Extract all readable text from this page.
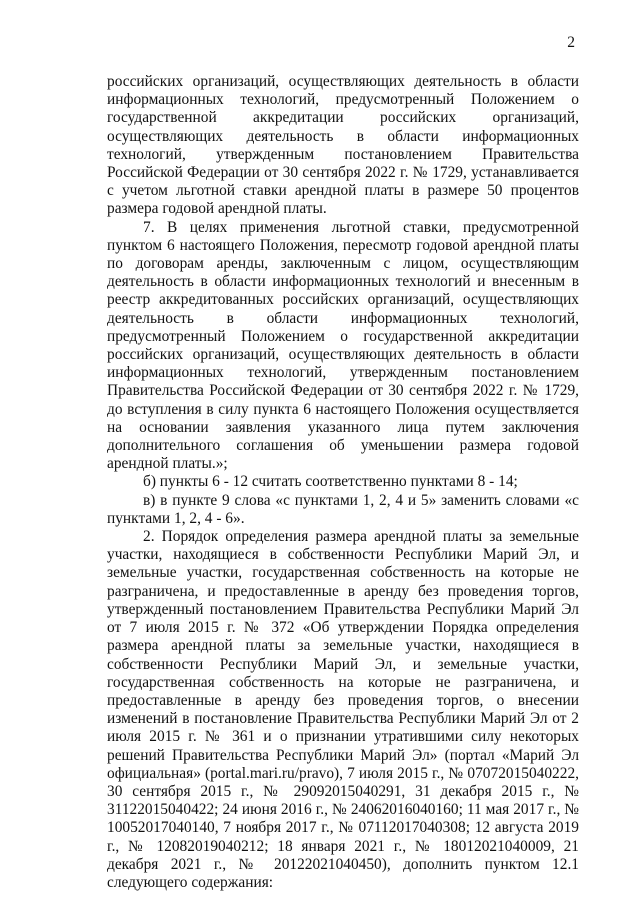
2

российских организаций, осуществляющих деятельность в области информационных технологий, предусмотренный Положением о государственной аккредитации российских организаций, осуществляющих деятельность в области информационных технологий, утвержденным постановлением Правительства Российской Федерации от 30 сентября 2022 г. № 1729, устанавливается с учетом льготной ставки арендной платы в размере 50 процентов размера годовой арендной платы.

7. В целях применения льготной ставки, предусмотренной пунктом 6 настоящего Положения, пересмотр годовой арендной платы по договорам аренды, заключенным с лицом, осуществляющим деятельность в области информационных технологий и внесенным в реестр аккредитованных российских организаций, осуществляющих деятельность в области информационных технологий, предусмотренный Положением о государственной аккредитации российских организаций, осуществляющих деятельность в области информационных технологий, утвержденным постановлением Правительства Российской Федерации от 30 сентября 2022 г. № 1729, до вступления в силу пункта 6 настоящего Положения осуществляется на основании заявления указанного лица путем заключения дополнительного соглашения об уменьшении размера годовой арендной платы.»;

б) пункты 6 - 12 считать соответственно пунктами 8 - 14;

в) в пункте 9 слова «с пунктами 1, 2, 4 и 5» заменить словами «с пунктами 1, 2, 4 - 6».

2. Порядок определения размера арендной платы за земельные участки, находящиеся в собственности Республики Марий Эл, и земельные участки, государственная собственность на которые не разграничена, и предоставленные в аренду без проведения торгов, утвержденный постановлением Правительства Республики Марий Эл от 7 июля 2015 г. № 372 «Об утверждении Порядка определения размера арендной платы за земельные участки, находящиеся в собственности Республики Марий Эл, и земельные участки, государственная собственность на которые не разграничена, и предоставленные в аренду без проведения торгов, о внесении изменений в постановление Правительства Республики Марий Эл от 2 июля 2015 г. № 361 и о признании утратившими силу некоторых решений Правительства Республики Марий Эл» (портал «Марий Эл официальная» (portal.mari.ru/pravo), 7 июля 2015 г., № 07072015040222, 30 сентября 2015 г., № 29092015040291, 31 декабря 2015 г., № 31122015040422; 24 июня 2016 г., № 24062016040160; 11 мая 2017 г., № 10052017040140, 7 ноября 2017 г., № 07112017040308; 12 августа 2019 г., № 12082019040212; 18 января 2021 г., № 18012021040009, 21 декабря 2021 г., № 20122021040450), дополнить пунктом 12.1 следующего содержания:
